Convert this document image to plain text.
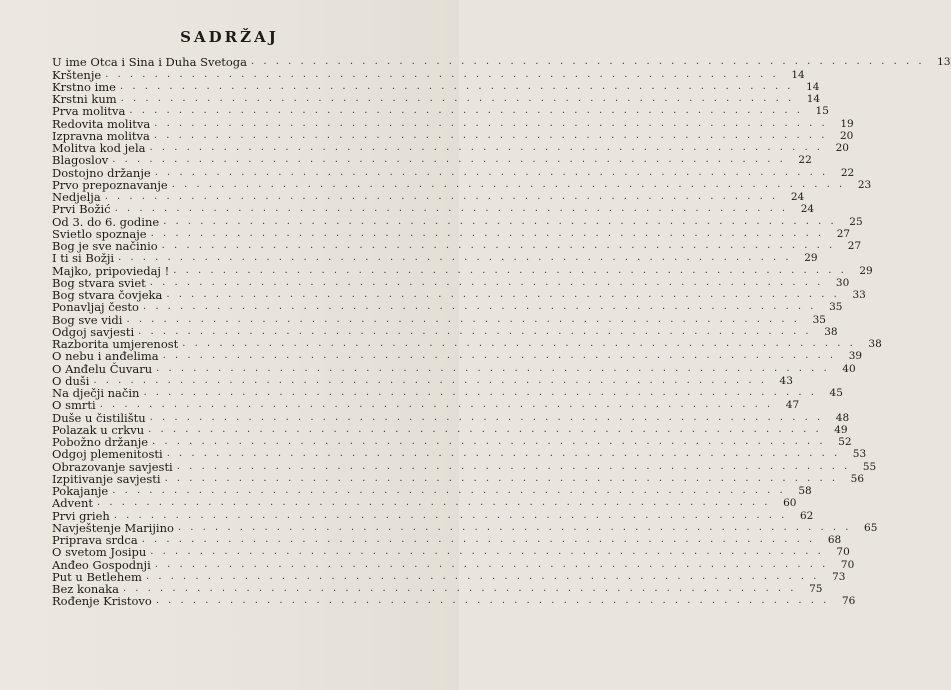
SADRŽAJ
U ime Otca i Sina i Duha Svetoga . . . . . . . . . . . . . . . . . . . . . . . . . . . . . . . . . . . . . . . . . . . . . . . . . . . . . . .	13
Krštenje . . . . . . . . . . . . . . . . . . . . . . . . . . . . . . . . . . . . . . . . . . . . . . . . . . . . . . .	14
Krstno ime . . . . . . . . . . . . . . . . . . . . . . . . . . . . . . . . . . . . . . . . . . . . . . . . . . . . . . .	14
Krstni kum . . . . . . . . . . . . . . . . . . . . . . . . . . . . . . . . . . . . . . . . . . . . . . . . . . . . . . .	14
Prva molitva . . . . . . . . . . . . . . . . . . . . . . . . . . . . . . . . . . . . . . . . . . . . . . . . . . . . . . .	15
Redovita molitva . . . . . . . . . . . . . . . . . . . . . . . . . . . . . . . . . . . . . . . . . . . . . . . . . . . . . . .	19
Izpravna molitva . . . . . . . . . . . . . . . . . . . . . . . . . . . . . . . . . . . . . . . . . . . . . . . . . . . . . . .	20
Molitva kod jela . . . . . . . . . . . . . . . . . . . . . . . . . . . . . . . . . . . . . . . . . . . . . . . . . . . . . . .	20
Blagoslov . . . . . . . . . . . . . . . . . . . . . . . . . . . . . . . . . . . . . . . . . . . . . . . . . . . . . . .	22
Dostojno držanje . . . . . . . . . . . . . . . . . . . . . . . . . . . . . . . . . . . . . . . . . . . . . . . . . . . . . . .	22
Prvo prepoznavanje . . . . . . . . . . . . . . . . . . . . . . . . . . . . . . . . . . . . . . . . . . . . . . . . . . . . . . .	23
Nedjelja . . . . . . . . . . . . . . . . . . . . . . . . . . . . . . . . . . . . . . . . . . . . . . . . . . . . . . .	24
Prvi Božić . . . . . . . . . . . . . . . . . . . . . . . . . . . . . . . . . . . . . . . . . . . . . . . . . . . . . . .	24
Od 3. do 6. godine . . . . . . . . . . . . . . . . . . . . . . . . . . . . . . . . . . . . . . . . . . . . . . . . . . . . . . .	25
Svietlo spoznaje . . . . . . . . . . . . . . . . . . . . . . . . . . . . . . . . . . . . . . . . . . . . . . . . . . . . . . .	27
Bog je sve načinio . . . . . . . . . . . . . . . . . . . . . . . . . . . . . . . . . . . . . . . . . . . . . . . . . . . . . . .	27
I ti si Božji . . . . . . . . . . . . . . . . . . . . . . . . . . . . . . . . . . . . . . . . . . . . . . . . . . . . . . .	29
Majko, pripoviedaj ! . . . . . . . . . . . . . . . . . . . . . . . . . . . . . . . . . . . . . . . . . . . . . . . . . . . . . . .	29
Bog stvara sviet . . . . . . . . . . . . . . . . . . . . . . . . . . . . . . . . . . . . . . . . . . . . . . . . . . . . . . .	30
Bog stvara čovjeka . . . . . . . . . . . . . . . . . . . . . . . . . . . . . . . . . . . . . . . . . . . . . . . . . . . . . . .	33
Ponavljaj često . . . . . . . . . . . . . . . . . . . . . . . . . . . . . . . . . . . . . . . . . . . . . . . . . . . . . . .	35
Bog sve vidi . . . . . . . . . . . . . . . . . . . . . . . . . . . . . . . . . . . . . . . . . . . . . . . . . . . . . . .	35
Odgoj savjesti . . . . . . . . . . . . . . . . . . . . . . . . . . . . . . . . . . . . . . . . . . . . . . . . . . . . . . .	38
Razborita umjerenost . . . . . . . . . . . . . . . . . . . . . . . . . . . . . . . . . . . . . . . . . . . . . . . . . . . . . . .	38
O nebu i anđelima . . . . . . . . . . . . . . . . . . . . . . . . . . . . . . . . . . . . . . . . . . . . . . . . . . . . . . .	39
O Anđelu Čuvaru . . . . . . . . . . . . . . . . . . . . . . . . . . . . . . . . . . . . . . . . . . . . . . . . . . . . . . .	40
O duši . . . . . . . . . . . . . . . . . . . . . . . . . . . . . . . . . . . . . . . . . . . . . . . . . . . . . . .	43
Na dječji način . . . . . . . . . . . . . . . . . . . . . . . . . . . . . . . . . . . . . . . . . . . . . . . . . . . . . . .	45
O smrti . . . . . . . . . . . . . . . . . . . . . . . . . . . . . . . . . . . . . . . . . . . . . . . . . . . . . . .	47
Duše u čistilištu . . . . . . . . . . . . . . . . . . . . . . . . . . . . . . . . . . . . . . . . . . . . . . . . . . . . . . .	48
Polazak u crkvu . . . . . . . . . . . . . . . . . . . . . . . . . . . . . . . . . . . . . . . . . . . . . . . . . . . . . . .	49
Pobožno držanje . . . . . . . . . . . . . . . . . . . . . . . . . . . . . . . . . . . . . . . . . . . . . . . . . . . . . . .	52
Odgoj plemenitosti . . . . . . . . . . . . . . . . . . . . . . . . . . . . . . . . . . . . . . . . . . . . . . . . . . . . . . .	53
Obrazovanje savjesti . . . . . . . . . . . . . . . . . . . . . . . . . . . . . . . . . . . . . . . . . . . . . . . . . . . . . . .	55
Izpitivanje savjesti . . . . . . . . . . . . . . . . . . . . . . . . . . . . . . . . . . . . . . . . . . . . . . . . . . . . . . .	56
Pokajanje . . . . . . . . . . . . . . . . . . . . . . . . . . . . . . . . . . . . . . . . . . . . . . . . . . . . . . .	58
Advent . . . . . . . . . . . . . . . . . . . . . . . . . . . . . . . . . . . . . . . . . . . . . . . . . . . . . . .	60
Prvi grieh . . . . . . . . . . . . . . . . . . . . . . . . . . . . . . . . . . . . . . . . . . . . . . . . . . . . . . .	62
Navještenje Marijino . . . . . . . . . . . . . . . . . . . . . . . . . . . . . . . . . . . . . . . . . . . . . . . . . . . . . . .	65
Priprava srdca . . . . . . . . . . . . . . . . . . . . . . . . . . . . . . . . . . . . . . . . . . . . . . . . . . . . . . .	68
O svetom Josipu . . . . . . . . . . . . . . . . . . . . . . . . . . . . . . . . . . . . . . . . . . . . . . . . . . . . . . .	70
Anđeo Gospodnji . . . . . . . . . . . . . . . . . . . . . . . . . . . . . . . . . . . . . . . . . . . . . . . . . . . . . . .	70
Put u Betlehem . . . . . . . . . . . . . . . . . . . . . . . . . . . . . . . . . . . . . . . . . . . . . . . . . . . . . . .	73
Bez konaka . . . . . . . . . . . . . . . . . . . . . . . . . . . . . . . . . . . . . . . . . . . . . . . . . . . . . . .	75
Rođenje Kristovo . . . . . . . . . . . . . . . . . . . . . . . . . . . . . . . . . . . . . . . . . . . . . . . . . . . . . . .	76
